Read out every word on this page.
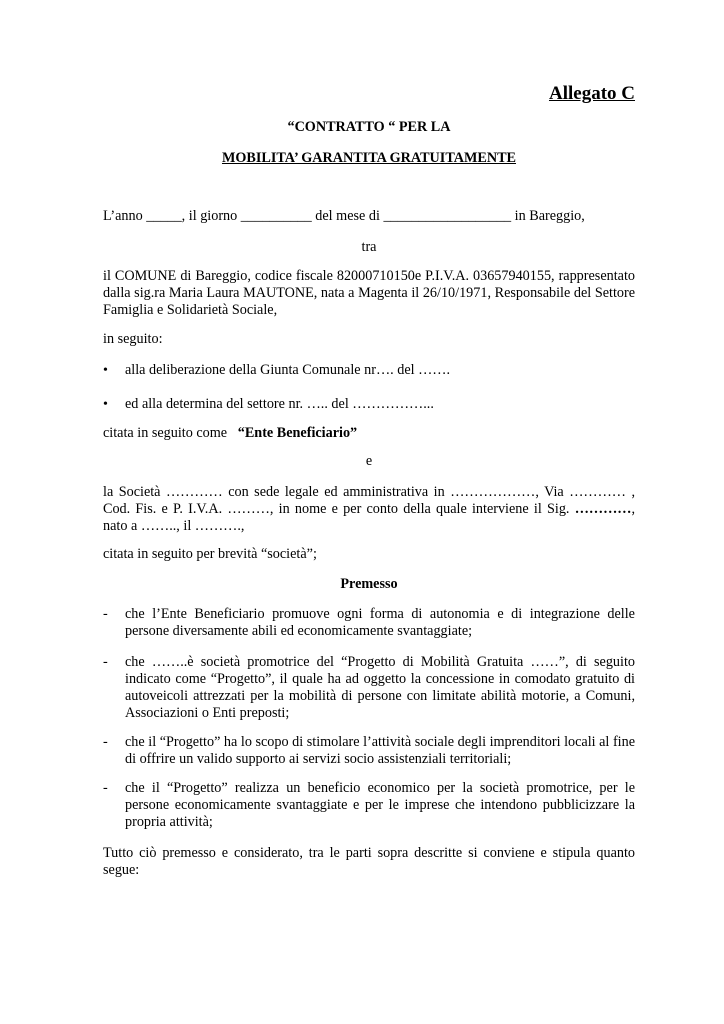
Allegato C
“CONTRATTO “ PER LA
MOBILITA’ GARANTITA GRATUITAMENTE
L’anno _____, il giorno __________ del mese di __________________ in Bareggio,
tra
il COMUNE di Bareggio, codice fiscale 82000710150e P.I.V.A. 03657940155, rappresentato dalla sig.ra Maria Laura MAUTONE, nata a Magenta il 26/10/1971, Responsabile del Settore Famiglia e Solidarietà Sociale,
in seguito:
• alla deliberazione della Giunta Comunale nr…. del …….
• ed alla determina del settore nr. ….. del ……………...
citata in seguito come “Ente Beneficiario”
e
la Società ………… con sede legale ed amministrativa in ………………, Via ………… , Cod. Fis. e P. I.V.A. ………, in nome e per conto della quale interviene il Sig. …………, nato a …….., il ……….,
citata in seguito per brevità “società”;
Premesso
- che l’Ente Beneficiario promuove ogni forma di autonomia e di integrazione delle persone diversamente abili ed economicamente svantaggiate;
- che ……..è società promotrice del “Progetto di Mobilità Gratuita ……”, di seguito indicato come “Progetto”, il quale ha ad oggetto la concessione in comodato gratuito di autoveicoli attrezzati per la mobilità di persone con limitate abilità motorie, a Comuni, Associazioni o Enti preposti;
- che il “Progetto” ha lo scopo di stimolare l’attività sociale degli imprenditori locali al fine di offrire un valido supporto ai servizi socio assistenziali territoriali;
- che il “Progetto” realizza un beneficio economico per la società promotrice, per le persone economicamente svantaggiate e per le imprese che intendono pubblicizzare la propria attività;
Tutto ciò premesso e considerato, tra le parti sopra descritte si conviene e stipula quanto segue:
